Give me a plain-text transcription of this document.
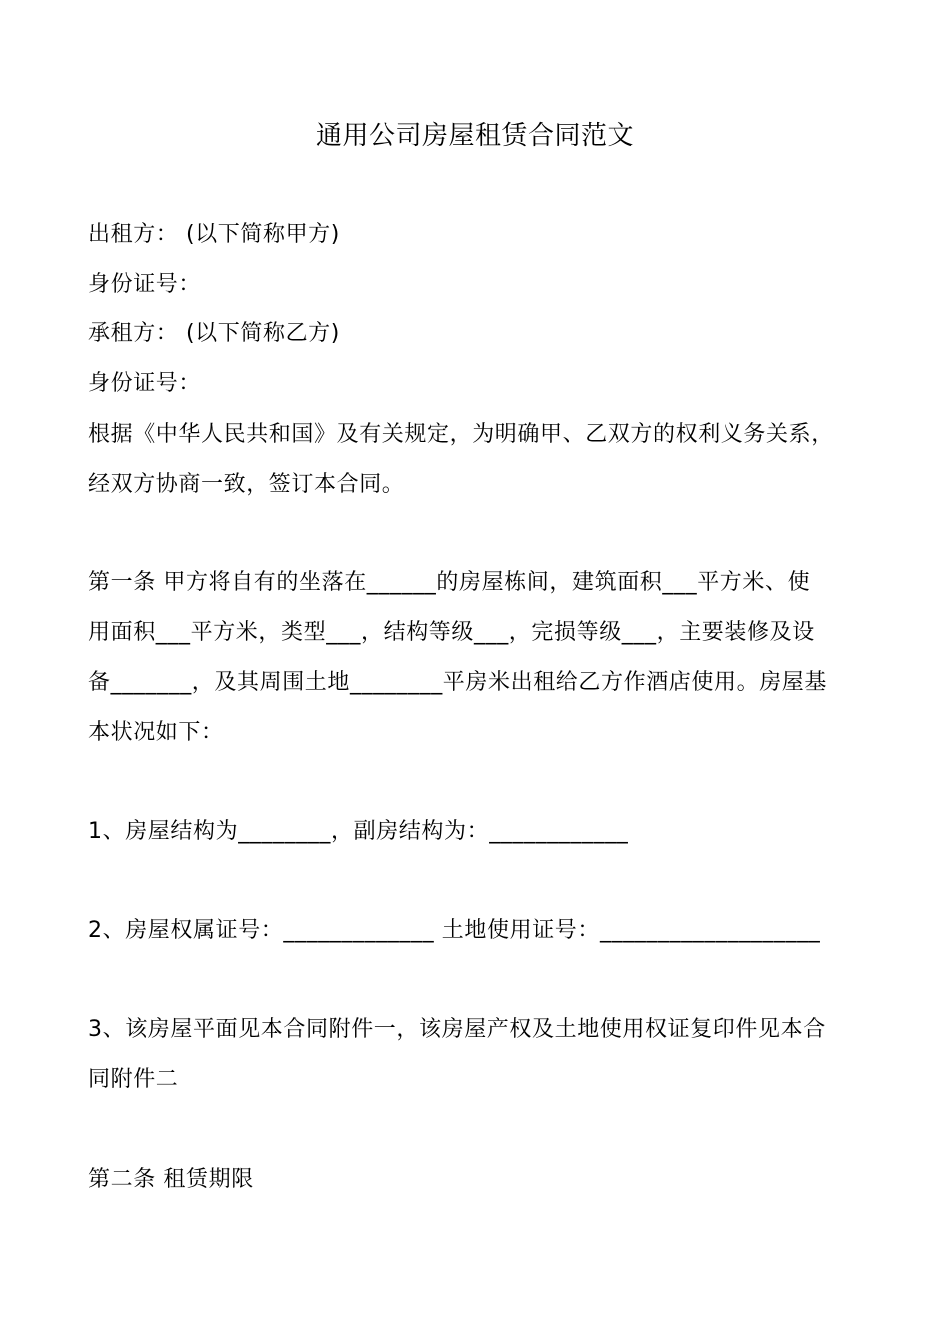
通用公司房屋租赁合同范文
出租方： (以下简称甲方)
身份证号：
承租方： (以下简称乙方)
身份证号：
根据《中华人民共和国》及有关规定，为明确甲、乙双方的权利义务关系，
经双方协商一致，签订本合同。
第一条 甲方将自有的坐落在______的房屋栋间，建筑面积___平方米、使
用面积___平方米，类型___，结构等级___，完损等级___，主要装修及设
备_______，及其周围土地________平房米出租给乙方作酒店使用。房屋基
本状况如下：
1、房屋结构为________，副房结构为：____________
2、房屋权属证号：_____________ 土地使用证号：___________________
3、该房屋平面见本合同附件一，该房屋产权及土地使用权证复印件见本合
同附件二
第二条 租赁期限
